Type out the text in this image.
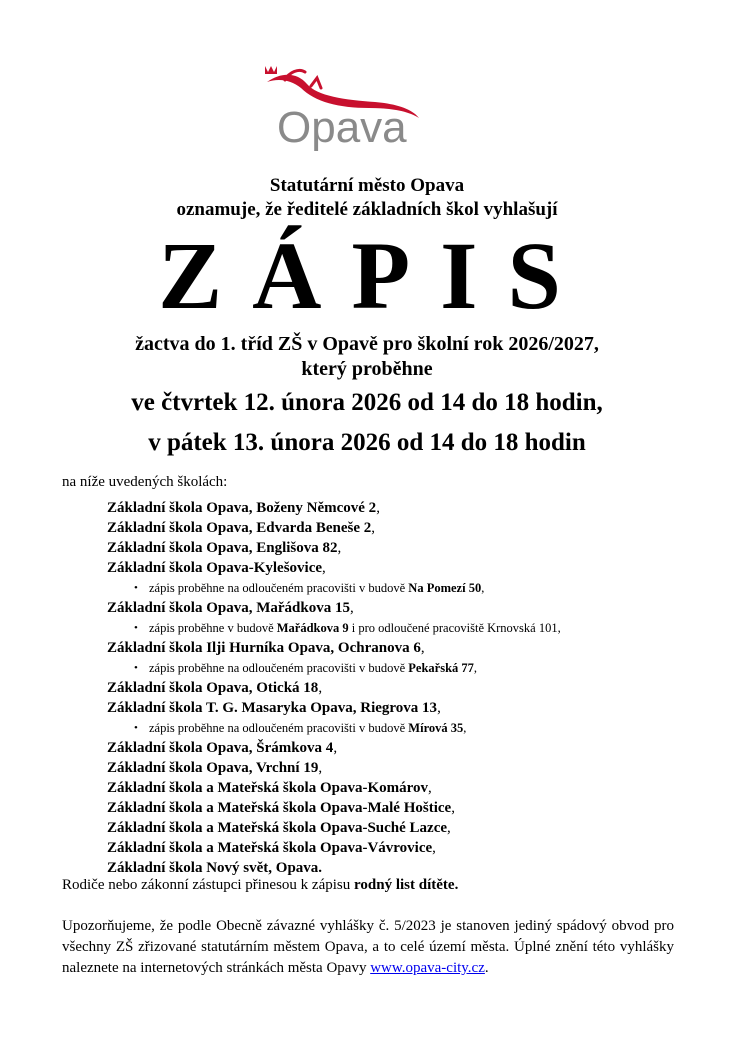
Opava
Statutární město Opava
oznamuje, že ředitelé základních škol vyhlašují
ZÁPIS
žactva do 1. tříd ZŠ v Opavě pro školní rok 2026/2027,
který proběhne
ve čtvrtek 12. února 2026 od 14 do 18 hodin,
v pátek 13. února 2026 od 14 do 18 hodin
na níže uvedených školách:
Základní škola Opava, Boženy Němcové 2,
Základní škola Opava, Edvarda Beneše 2,
Základní škola Opava, Englišova 82,
Základní škola Opava-Kylešovice,
• zápis proběhne na odloučeném pracovišti v budově Na Pomezí 50,
Základní škola Opava, Mařádkova 15,
• zápis proběhne v budově Mařádkova 9 i pro odloučené pracoviště Krnovská 101,
Základní škola Ilji Hurníka Opava, Ochranova 6,
• zápis proběhne na odloučeném pracovišti v budově Pekařská 77,
Základní škola Opava, Otická 18,
Základní škola T. G. Masaryka Opava, Riegrova 13,
• zápis proběhne na odloučeném pracovišti v budově Mírová 35,
Základní škola Opava, Šrámkova 4,
Základní škola Opava, Vrchní 19,
Základní škola a Mateřská škola Opava-Komárov,
Základní škola a Mateřská škola Opava-Malé Hoštice,
Základní škola a Mateřská škola Opava-Suché Lazce,
Základní škola a Mateřská škola Opava-Vávrovice,
Základní škola Nový svět, Opava.
Rodiče nebo zákonní zástupci přinesou k zápisu rodný list dítěte.
Upozorňujeme, že podle Obecně závazné vyhlášky č. 5/2023 je stanoven jediný spádový obvod pro všechny ZŠ zřizované statutárním městem Opava, a to celé území města. Úplné znění této vyhlášky naleznete na internetových stránkách města Opavy www.opava-city.cz.
